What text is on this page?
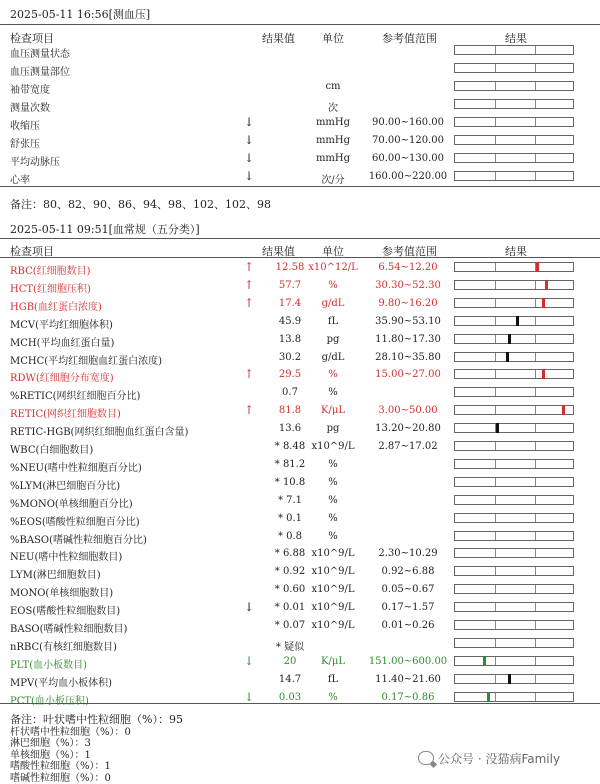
2025-05-11 16:56[测血压]
检查项目	结果值 单位	参考值范围	结果
血压测量状态
血压测量部位
袖带宽度	cm
测量次数	次
收缩压	↓	mmHg	90.00~160.00
舒张压	↓	mmHg	70.00~120.00
平均动脉压	↓	mmHg	60.00~130.00
心率	↓	次/分	160.00~220.00
备注：80、82、90、86、94、98、102、102、98
2025-05-11 09:51[血常规（五分类）]
检查项目	结果值 单位	参考值范围	结果
RBC(红细胞数目)	↑	12.58 x10^12/L	6.54~12.20
HCT(红细胞压积)	↑	57.7	%	30.30~52.30
HGB(血红蛋白浓度)	↑	17.4	g/dL	9.80~16.20
MCV(平均红细胞体积)	45.9	fL	35.90~53.10
MCH(平均血红蛋白量)	13.8	pg	11.80~17.30
MCHC(平均红细胞血红蛋白浓度)	30.2	g/dL	28.10~35.80
RDW(红细胞分布宽度)	↑	29.5	%	15.00~27.00
%RETIC(网织红细胞百分比)	0.7	%
RETIC(网织红细胞数目)	↑	81.8	K/μL	3.00~50.00
RETIC-HGB(网织红细胞血红蛋白含量)	13.6	pg	13.20~20.80
WBC(白细胞数目)	* 8.48 x10^9/L	2.87~17.02
%NEU(嗜中性粒细胞百分比)	* 81.2	%
%LYM(淋巴细胞百分比)	* 10.8	%
%MONO(单核细胞百分比)	* 7.1	%
%EOS(嗜酸性粒细胞百分比)	* 0.1	%
%BASO(嗜碱性粒细胞百分比)	* 0.8	%
NEU(嗜中性粒细胞数目)	* 6.88 x10^9/L	2.30~10.29
LYM(淋巴细胞数目)	* 0.92 x10^9/L	0.92~6.88
MONO(单核细胞数目)	* 0.60 x10^9/L	0.05~0.67
EOS(嗜酸性粒细胞数目)	↓	* 0.01 x10^9/L	0.17~1.57
BASO(嗜碱性粒细胞数目)	* 0.07 x10^9/L	0.01~0.26
nRBC(有核红细胞数目)	* 疑似
PLT(血小板数目)	↓	20	K/μL	151.00~600.00
MPV(平均血小板体积)	14.7	fL	11.40~21.60
PCT(血小板压积)	↓	0.03	%	0.17~0.86
备注：叶状嗜中性粒细胞（%）：95
杆状嗜中性粒细胞（%）：0
淋巴细胞（%）：3
单核细胞（%）：1
嗜酸性粒细胞（%）：1
嗜碱性粒细胞（%）：0
公众号 · 没猫病Family
